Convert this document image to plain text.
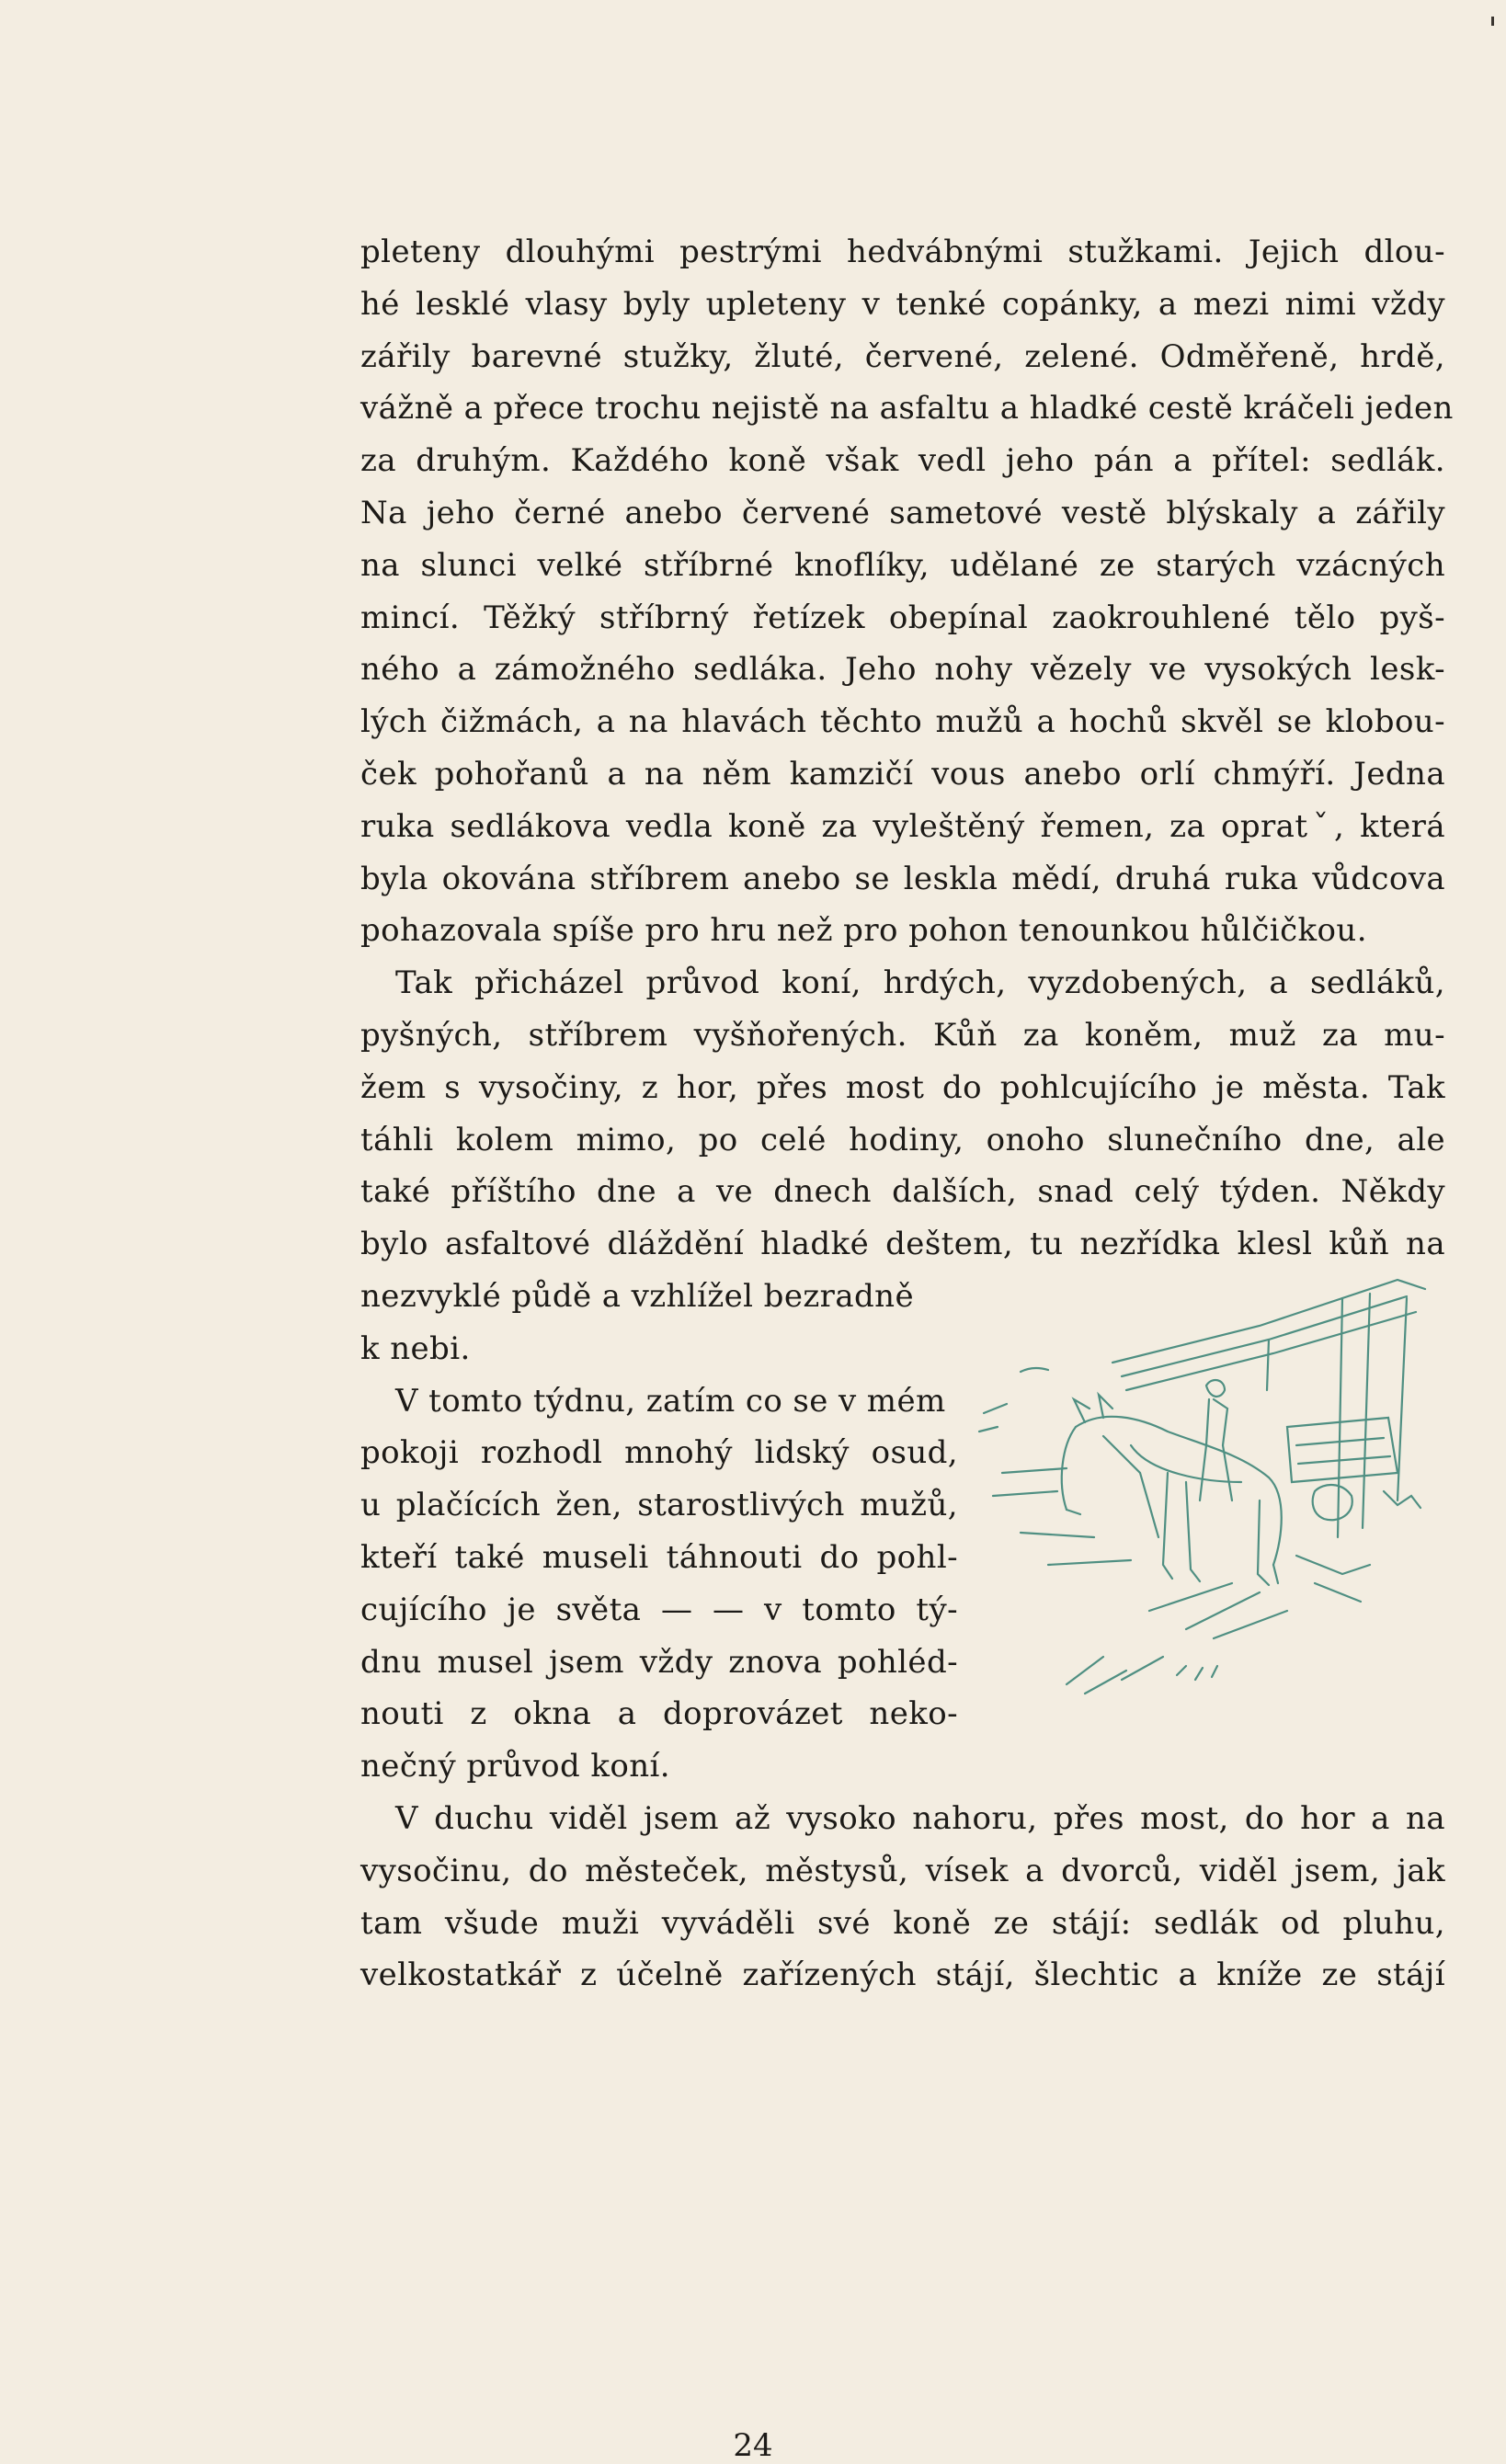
pleteny dlouhými pestrými hedvábnými stužkami. Jejich dlou-
hé lesklé vlasy byly upleteny v tenké copánky, a mezi nimi vždy
zářily barevné stužky, žluté, červené, zelené. Odměřeně, hrdě,
vážně a přece trochu nejistě na asfaltu a hladké cestě kráčeli jeden
za druhým. Každého koně však vedl jeho pán a přítel: sedlák.
Na jeho černé anebo červené sametové vestě blýskaly a zářily
na slunci velké stříbrné knoflíky, udělané ze starých vzácných
mincí. Těžký stříbrný řetízek obepínal zaokrouhlené tělo pyš-
ného a zámožného sedláka. Jeho nohy vězely ve vysokých lesk-
lých čižmách, a na hlavách těchto mužů a hochů skvěl se klobou-
ček pohořanů a na něm kamzičí vous anebo orlí chmýří. Jedna
ruka sedlákova vedla koně za vyleštěný řemen, za opratˇ, která
byla okována stříbrem anebo se leskla mědí, druhá ruka vůdcova
pohazovala spíše pro hru než pro pohon tenounkou hůlčičkou.
Tak přicházel průvod koní, hrdých, vyzdobených, a sedláků,
pyšných, stříbrem vyšňořených. Kůň za koněm, muž za mu-
žem s vysočiny, z hor, přes most do pohlcujícího je města. Tak
táhli kolem mimo, po celé hodiny, onoho slunečního dne, ale
také příštího dne a ve dnech dalších, snad celý týden. Někdy
bylo asfaltové dláždění hladké deštem, tu nezřídka klesl kůň na
nezvyklé půdě a vzhlížel bezradně
k nebi.
V tomto týdnu, zatím co se v mém
pokoji rozhodl mnohý lidský osud,
u plačících žen, starostlivých mužů,
kteří také museli táhnouti do pohl-
cujícího je světa — — v tomto tý-
dnu musel jsem vždy znova pohléd-
nouti z okna a doprovázet neko-
nečný průvod koní.
V duchu viděl jsem až vysoko nahoru, přes most, do hor a na
vysočinu, do městeček, městysů, vísek a dvorců, viděl jsem, jak
tam všude muži vyváděli své koně ze stájí: sedlák od pluhu,
velkostatkář z účelně zařízených stájí, šlechtic a kníže ze stájí
24
